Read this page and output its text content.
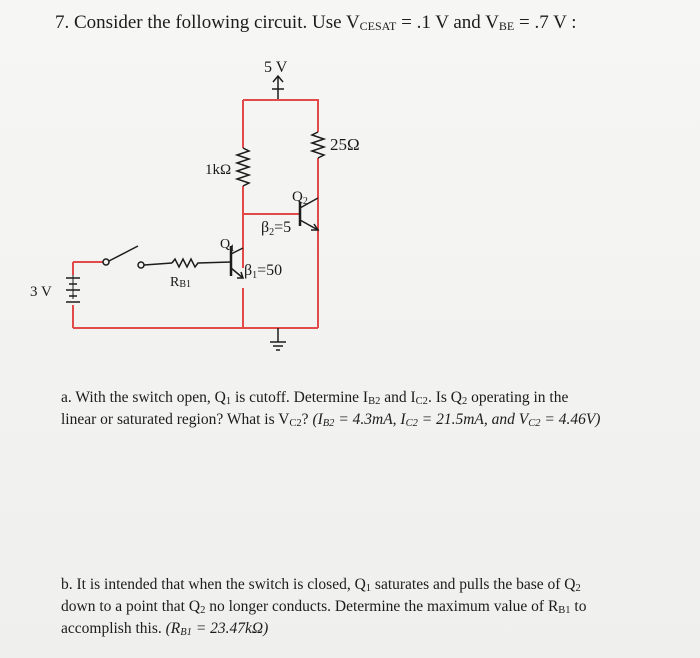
7. Consider the following circuit. Use $V_{CESAT} = .1$ V and $V_{BE} = .7$ V :
5 V
25Ω
1kΩ
$Q_2$
β2=5
$Q_1$
β1=50
RB1
3 V
a. With the switch open, $Q_1$ is cutoff. Determine $I_{B2}$ and $I_{C2}$. Is $Q_2$ operating in the
linear or saturated region? What is $V_{C2}$? ($I_{B2} = 4.3mA$, $I_{C2} = 21.5mA$, and $V_{C2} = 4.46V$)
b. It is intended that when the switch is closed, $Q_1$ saturates and pulls the base of $Q_2$
down to a point that $Q_2$ no longer conducts. Determine the maximum value of $R_{B1}$ to
accomplish this. $(R_{B1} = 23.47k\Omega)$
